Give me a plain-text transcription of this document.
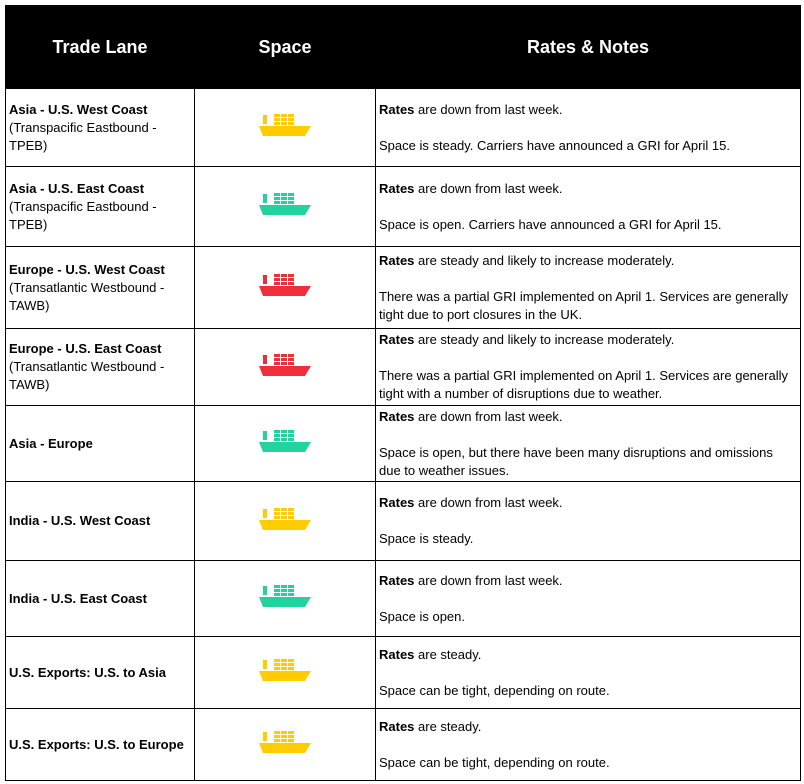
Trade Lane	Space	Rates & Notes

Asia - U.S. West Coast
(Transpacific Eastbound - TPEB)		Rates are down from last week.
Space is steady. Carriers have announced a GRI for April 15.

Asia - U.S. East Coast
(Transpacific Eastbound - TPEB)		Rates are down from last week.
Space is open. Carriers have announced a GRI for April 15.

Europe - U.S. West Coast
(Transatlantic Westbound - TAWB)		Rates are steady and likely to increase moderately.
There was a partial GRI implemented on April 1. Services are generally tight due to port closures in the UK.

Europe - U.S. East Coast
(Transatlantic Westbound - TAWB)		Rates are steady and likely to increase moderately.
There was a partial GRI implemented on April 1. Services are generally tight with a number of disruptions due to weather.

Asia - Europe		Rates are down from last week.
Space is open, but there have been many disruptions and omissions due to weather issues.

India - U.S. West Coast		Rates are down from last week.
Space is steady.

India - U.S. East Coast		Rates are down from last week.
Space is open.

U.S. Exports: U.S. to Asia		Rates are steady.
Space can be tight, depending on route.

U.S. Exports: U.S. to Europe		Rates are steady.
Space can be tight, depending on route.
